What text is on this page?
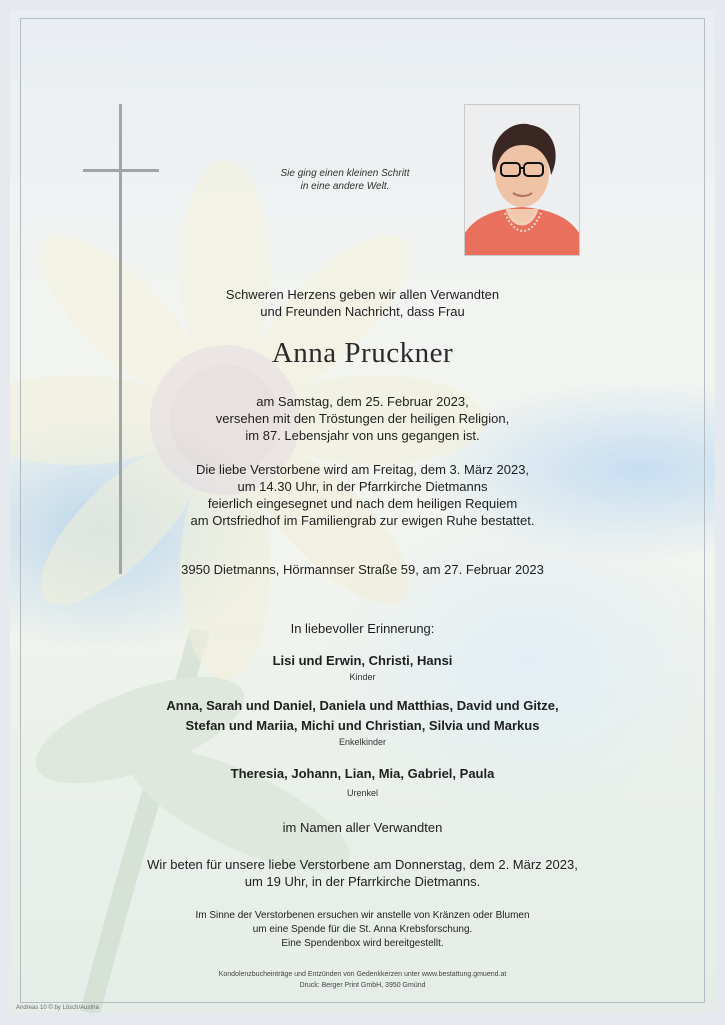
Sie ging einen kleinen Schritt
in eine andere Welt.
Schweren Herzens geben wir allen Verwandten
und Freunden Nachricht, dass Frau
Anna Pruckner
am Samstag, dem 25. Februar 2023,
versehen mit den Tröstungen der heiligen Religion,
im 87. Lebensjahr von uns gegangen ist.
Die liebe Verstorbene wird am Freitag, dem 3. März 2023,
um 14.30 Uhr, in der Pfarrkirche Dietmanns
feierlich eingesegnet und nach dem heiligen Requiem
am Ortsfriedhof im Familiengrab zur ewigen Ruhe bestattet.
3950 Dietmanns, Hörmannser Straße 59, am 27. Februar 2023
In liebevoller Erinnerung:
Lisi und Erwin, Christi, Hansi
Kinder
Anna, Sarah und Daniel, Daniela und Matthias, David und Gitze,
Stefan und Mariia, Michi und Christian, Silvia und Markus
Enkelkinder
Theresia, Johann, Lian, Mia, Gabriel, Paula
Urenkel
im Namen aller Verwandten
Wir beten für unsere liebe Verstorbene am Donnerstag, dem 2. März 2023,
um 19 Uhr, in der Pfarrkirche Dietmanns.
Im Sinne der Verstorbenen ersuchen wir anstelle von Kränzen oder Blumen
um eine Spende für die St. Anna Krebsforschung.
Eine Spendenbox wird bereitgestellt.
Kondolenzbucheinträge und Entzünden von Gedenkkerzen unter www.bestattung.gmuend.at
Druck: Berger Print GmbH, 3950 Gmünd
Andreas 10 © by Lösch/Austria
